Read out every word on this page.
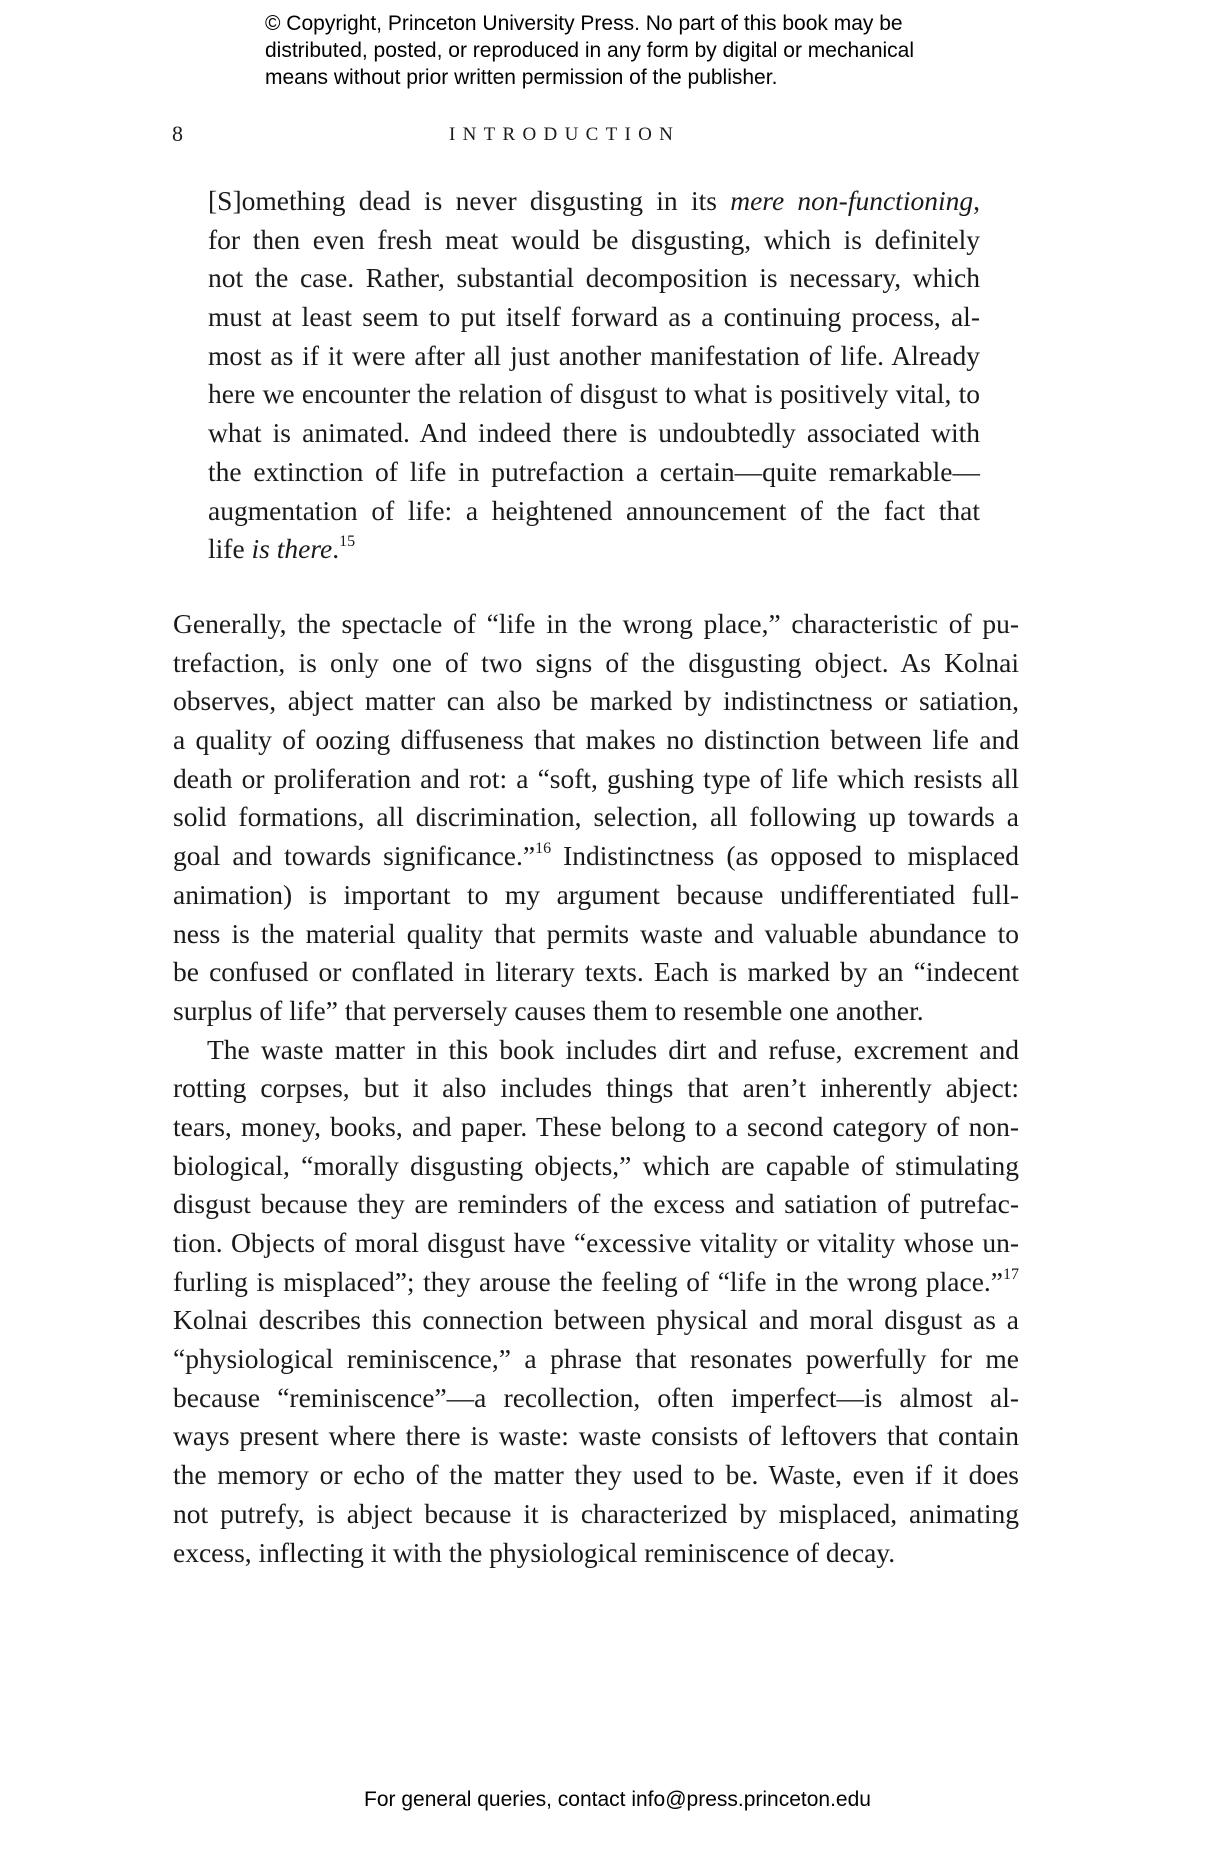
© Copyright, Princeton University Press. No part of this book may be
distributed, posted, or reproduced in any form by digital or mechanical
means without prior written permission of the publisher.
8	INTRODUCTION
[S]omething dead is never disgusting in its mere non-functioning,
for then even fresh meat would be disgusting, which is definitely
not the case. Rather, substantial decomposition is necessary, which
must at least seem to put itself forward as a continuing process, al-
most as if it were after all just another manifestation of life. Already
here we encounter the relation of disgust to what is positively vital, to
what is animated. And indeed there is undoubtedly associated with
the extinction of life in putrefaction a certain—quite remarkable—
augmentation of life: a heightened announcement of the fact that
life is there.$^{15}$
Generally, the spectacle of “life in the wrong place,” characteristic of pu-
trefaction, is only one of two signs of the disgusting object. As Kolnai
observes, abject matter can also be marked by indistinctness or satiation,
a quality of oozing diffuseness that makes no distinction between life and
death or proliferation and rot: a “soft, gushing type of life which resists all
solid formations, all discrimination, selection, all following up towards a
goal and towards significance.”$^{16}$ Indistinctness (as opposed to misplaced
animation) is important to my argument because undifferentiated full-
ness is the material quality that permits waste and valuable abundance to
be confused or conflated in literary texts. Each is marked by an “indecent
surplus of life” that perversely causes them to resemble one another.
The waste matter in this book includes dirt and refuse, excrement and
rotting corpses, but it also includes things that aren’t inherently abject:
tears, money, books, and paper. These belong to a second category of non-
biological, “morally disgusting objects,” which are capable of stimulating
disgust because they are reminders of the excess and satiation of putrefac-
tion. Objects of moral disgust have “excessive vitality or vitality whose un-
furling is misplaced”; they arouse the feeling of “life in the wrong place.”$^{17}$
Kolnai describes this connection between physical and moral disgust as a
“physiological reminiscence,” a phrase that resonates powerfully for me
because “reminiscence”—a recollection, often imperfect—is almost al-
ways present where there is waste: waste consists of leftovers that contain
the memory or echo of the matter they used to be. Waste, even if it does
not putrefy, is abject because it is characterized by misplaced, animating
excess, inflecting it with the physiological reminiscence of decay.
For general queries, contact info@press.princeton.edu
